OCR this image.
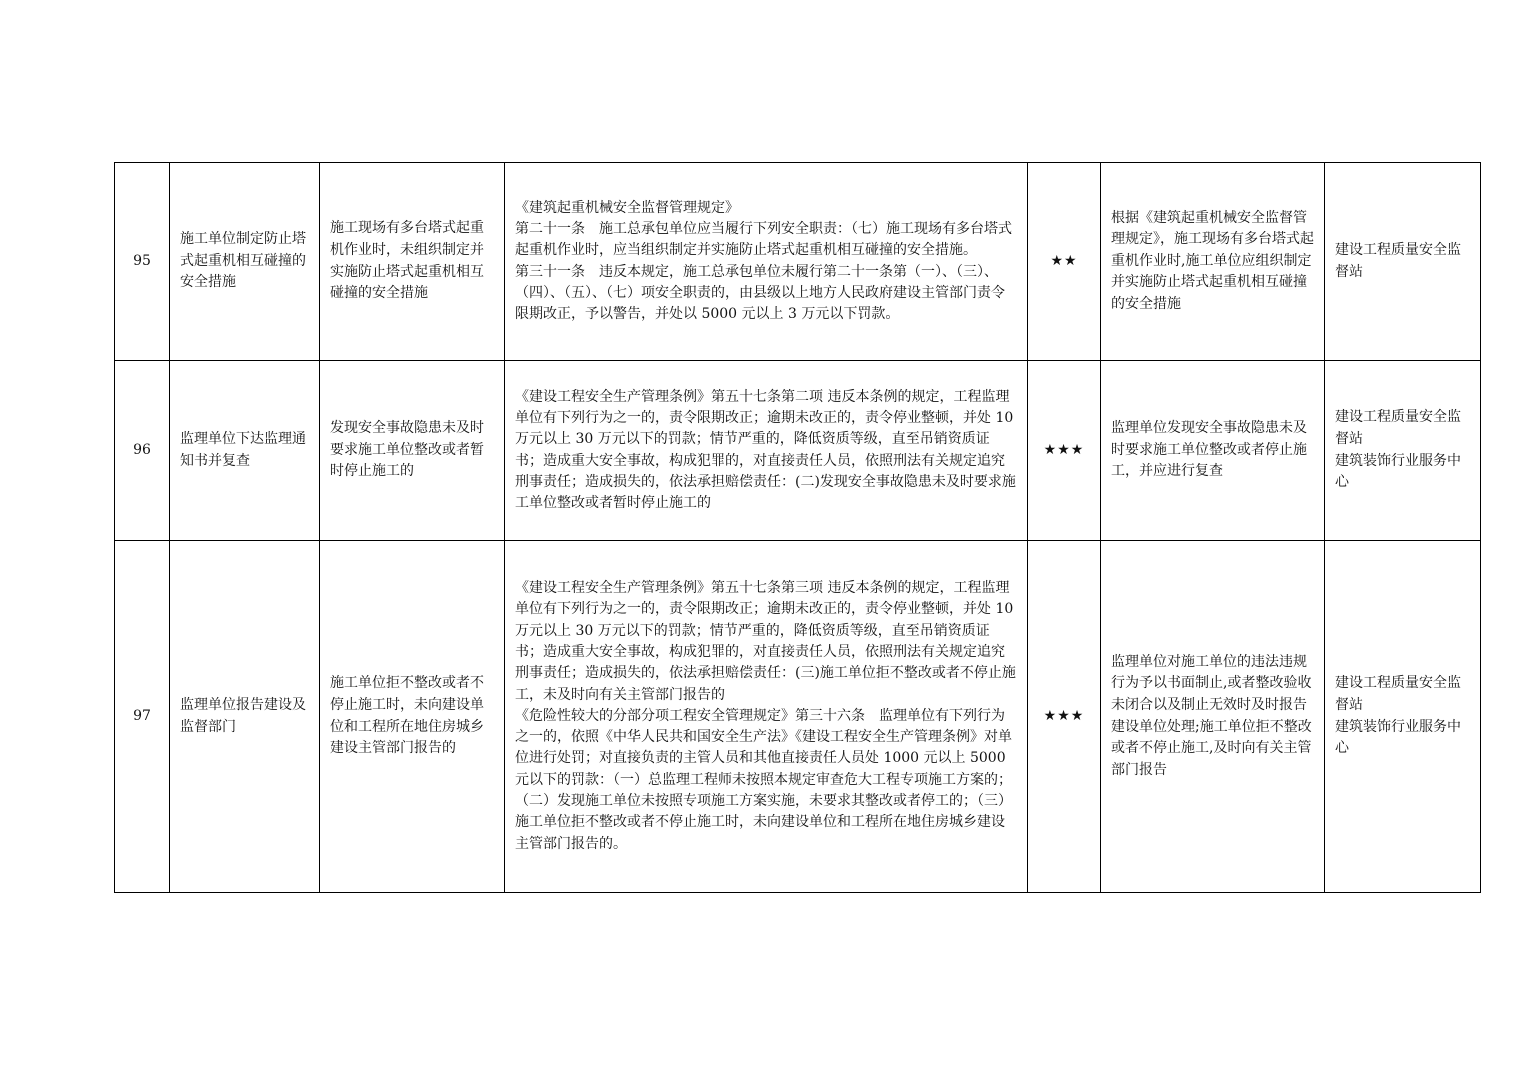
95	施工单位制定防止塔式起重机相互碰撞的安全措施	施工现场有多台塔式起重机作业时，未组织制定并实施防止塔式起重机相互碰撞的安全措施	《建筑起重机械安全监督管理规定》
第二十一条　施工总承包单位应当履行下列安全职责：（七）施工现场有多台塔式起重机作业时，应当组织制定并实施防止塔式起重机相互碰撞的安全措施。
第三十一条　违反本规定，施工总承包单位未履行第二十一条第（一）、（三）、（四）、（五）、（七）项安全职责的，由县级以上地方人民政府建设主管部门责令限期改正，予以警告，并处以 5000 元以上 3 万元以下罚款。	★★	根据《建筑起重机械安全监督管理规定》，施工现场有多台塔式起重机作业时,施工单位应组织制定并实施防止塔式起重机相互碰撞的安全措施	建设工程质量安全监督站

96	监理单位下达监理通知书并复查	发现安全事故隐患未及时要求施工单位整改或者暂时停止施工的	《建设工程安全生产管理条例》第五十七条第二项 违反本条例的规定，工程监理单位有下列行为之一的，责令限期改正；逾期未改正的，责令停业整顿，并处 10 万元以上 30 万元以下的罚款；情节严重的，降低资质等级，直至吊销资质证书；造成重大安全事故，构成犯罪的，对直接责任人员，依照刑法有关规定追究刑事责任；造成损失的，依法承担赔偿责任：(二)发现安全事故隐患未及时要求施工单位整改或者暂时停止施工的	★★★	监理单位发现安全事故隐患未及时要求施工单位整改或者停止施工，并应进行复查	建设工程质量安全监督站
建筑装饰行业服务中心

97	监理单位报告建设及监督部门	施工单位拒不整改或者不停止施工时，未向建设单位和工程所在地住房城乡建设主管部门报告的	《建设工程安全生产管理条例》第五十七条第三项 违反本条例的规定，工程监理单位有下列行为之一的，责令限期改正；逾期未改正的，责令停业整顿，并处 10 万元以上 30 万元以下的罚款；情节严重的，降低资质等级，直至吊销资质证书；造成重大安全事故，构成犯罪的，对直接责任人员，依照刑法有关规定追究刑事责任；造成损失的，依法承担赔偿责任：(三)施工单位拒不整改或者不停止施工，未及时向有关主管部门报告的
《危险性较大的分部分项工程安全管理规定》第三十六条　监理单位有下列行为之一的，依照《中华人民共和国安全生产法》《建设工程安全生产管理条例》对单位进行处罚；对直接负责的主管人员和其他直接责任人员处 1000 元以上 5000 元以下的罚款：（一）总监理工程师未按照本规定审查危大工程专项施工方案的；（二）发现施工单位未按照专项施工方案实施，未要求其整改或者停工的；（三）施工单位拒不整改或者不停止施工时，未向建设单位和工程所在地住房城乡建设主管部门报告的。	★★★	监理单位对施工单位的违法违规行为予以书面制止,或者整改验收未闭合以及制止无效时及时报告建设单位处理;施工单位拒不整改或者不停止施工,及时向有关主管部门报告	建设工程质量安全监督站
建筑装饰行业服务中心
